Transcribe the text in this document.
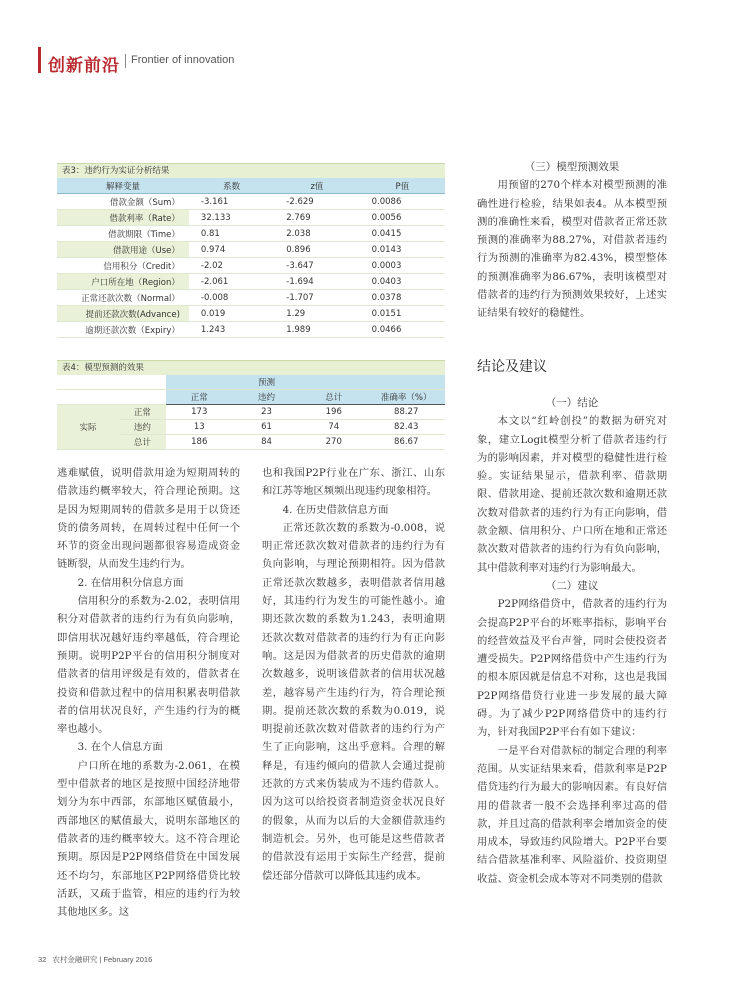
创新前沿 Frontier of innovation
表3：违约行为实证分析结果
解释变量	系数	z值	P值
借款金额（Sum）	-3.161	-2.629	0.0086
借款利率（Rate）	32.133	2.769	0.0056
借款期限（Time）	0.81	2.038	0.0415
借款用途（Use）	0.974	0.896	0.0143
信用积分（Credit）	-2.02	-3.647	0.0003
户口所在地（Region）	-2.061	-1.694	0.0403
正常还款次数（Normal）	-0.008	-1.707	0.0378
提前还款次数(Advance)	0.019	1.29	0.0151
逾期还款次数（Expiry）	1.243	1.989	0.0466
表4：模型预测的效果
		预测			
		正常	违约	总计	准确率（%）
实际	正常	173	23	196	88.27
	违约	13	61	74	82.43
	总计	186	84	270	86.67

逃难赋值，说明借款用途为短期周转的借款违约概率较大，符合理论预期。这是因为短期周转的借款多是用于以贷还贷的债务周转，在周转过程中任何一个环节的资金出现问题都很容易造成资金链断裂，从而发生违约行为。

2. 在信用积分信息方面

信用积分的系数为-2.02，表明信用积分对借款者的违约行为有负向影响，即信用状况越好违约率越低，符合理论预期。说明P2P平台的信用积分制度对借款者的信用评级是有效的，借款者在投资和借款过程中的信用积累表明借款者的信用状况良好，产生违约行为的概率也越小。

3. 在个人信息方面

户口所在地的系数为-2.061，在模型中借款者的地区是按照中国经济地带划分为东中西部，东部地区赋值最小，西部地区的赋值最大，说明东部地区的借款者的违约概率较大。这不符合理论预期。原因是P2P网络借贷在中国发展还不均匀，东部地区P2P网络借贷比较活跃，又疏于监管，相应的违约行为较其他地区多。这

也和我国P2P行业在广东、浙江、山东和江苏等地区频频出现违约现象相符。

4. 在历史借款信息方面

正常还款次数的系数为-0.008，说明正常还款次数对借款者的违约行为有负向影响，与理论预期相符。因为借款正常还款次数越多，表明借款者信用越好，其违约行为发生的可能性越小。逾期还款次数的系数为1.243，表明逾期还款次数对借款者的违约行为有正向影响。这是因为借款者的历史借款的逾期次数越多，说明该借款者的信用状况越差，越容易产生违约行为，符合理论预期。提前还款次数的系数为0.019，说明提前还款次数对借款者的违约行为产生了正向影响，这出乎意料。合理的解释是，有违约倾向的借款人会通过提前还款的方式来伪装成为不违约借款人。因为这可以给投资者制造资金状况良好的假象，从而为以后的大金额借款违约制造机会。另外，也可能是这些借款者的借款没有运用于实际生产经营，提前偿还部分借款可以降低其违约成本。

（三）模型预测效果

用预留的270个样本对模型预测的准确性进行检验，结果如表4。从本模型预测的准确性来看，模型对借款者正常还款预测的准确率为88.27%，对借款者违约行为预测的准确率为82.43%，模型整体的预测准确率为86.67%，表明该模型对借款者的违约行为预测效果较好，上述实证结果有较好的稳健性。

结论及建议

（一）结论

本文以“红岭创投”的数据为研究对象，建立Logit模型分析了借款者违约行为的影响因素，并对模型的稳健性进行检验。实证结果显示，借款利率、借款期限、借款用途、提前还款次数和逾期还款次数对借款者的违约行为有正向影响，借款金额、信用积分、户口所在地和正常还款次数对借款者的违约行为有负向影响，其中借款利率对违约行为影响最大。

（二）建议

P2P网络借贷中，借款者的违约行为会提高P2P平台的坏账率指标，影响平台的经营效益及平台声誉，同时会使投资者遭受损失。P2P网络借贷中产生违约行为的根本原因就是信息不对称，这也是我国P2P网络借贷行业进一步发展的最大障碍。为了减少P2P网络借贷中的违约行为，针对我国P2P平台有如下建议：

一是平台对借款标的制定合理的利率范围。从实证结果来看，借款利率是P2P借贷违约行为最大的影响因素。有良好信用的借款者一般不会选择利率过高的借款，并且过高的借款利率会增加资金的使用成本，导致违约风险增大。P2P平台要结合借款基准利率、风险溢价、投资期望收益、资金机会成本等对不同类别的借款

32 农村金融研究 | February 2016
